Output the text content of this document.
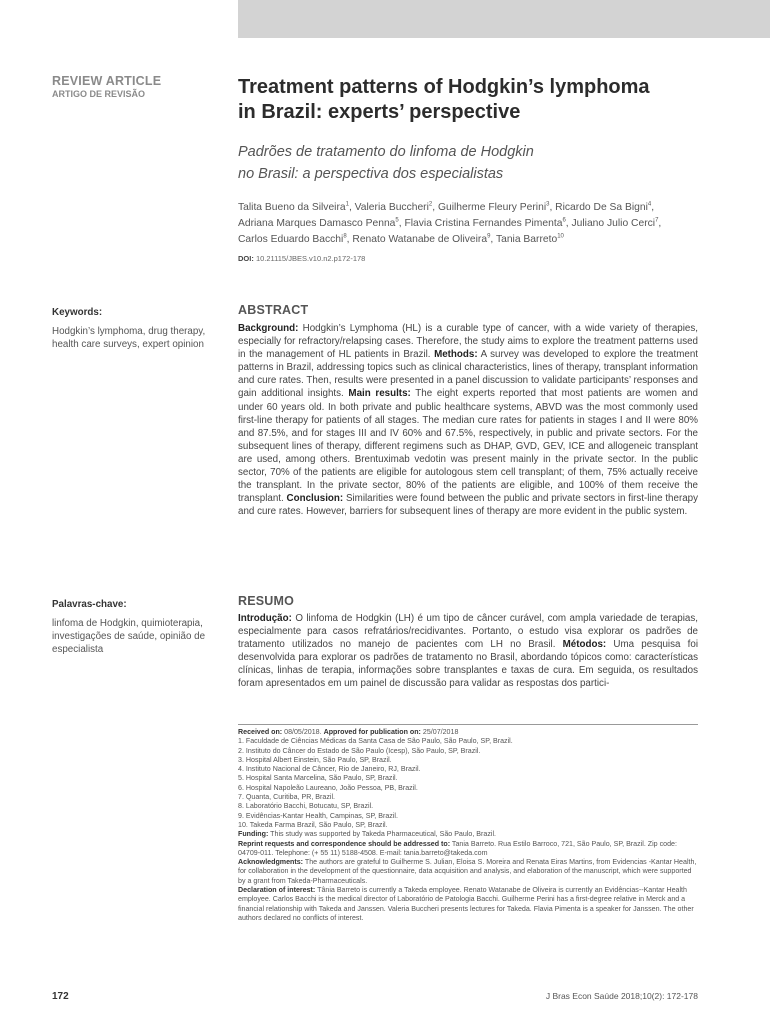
REVIEW ARTICLE
ARTIGO DE REVISÃO	Treatment patterns of Hodgkin’s lymphoma
in Brazil: experts’ perspective
Padrões de tratamento do linfoma de Hodgkin
no Brasil: a perspectiva dos especialistas
Talita Bueno da Silveira$^1$, Valeria Buccheri$^2$, Guilherme Fleury Perini$^3$, Ricardo De Sa Bigni$^4$,
Adriana Marques Damasco Penna$^5$, Flavia Cristina Fernandes Pimenta$^6$, Juliano Julio Cerci$^7$,
Carlos Eduardo Bacchi$^8$, Renato Watanabe de Oliveira$^9$, Tania Barreto$^{10}$
DOI: 10.21115/JBES.v10.n2.p172-178
Keywords:
Hodgkin’s lymphoma, drug therapy, health care surveys, expert opinion
ABSTRACT
Background: Hodgkin’s Lymphoma (HL) is a curable type of cancer, with a wide variety of therapies, especially for refractory/relapsing cases. Therefore, the study aims to explore the treatment patterns used in the management of HL patients in Brazil. Methods: A survey was developed to explore the treatment patterns in Brazil, addressing topics such as clinical characteristics, lines of therapy, transplant information and cure rates. Then, results were presented in a panel discussion to validate participants’ responses and gain additional insights. Main results: The eight experts reported that most patients are women and under 60 years old. In both private and public healthcare systems, ABVD was the most commonly used first-line therapy for patients of all stages. The median cure rates for patients in stages I and II were 80% and 87.5%, and for stages III and IV 60% and 67.5%, respectively, in public and private sectors. For the subsequent lines of therapy, different regimens such as DHAP, GVD, GEV, ICE and allogeneic transplant are used, among others. Brentuximab vedotin was present mainly in the private sector. In the public sector, 70% of the patients are eligible for autologous stem cell transplant; of them, 75% actually receive the transplant. In the private sector, 80% of the patients are eligible, and 100% of them receive the transplant. Conclusion: Similarities were found between the public and private sectors in first-line therapy and cure rates. However, barriers for subsequent lines of therapy are more evident in the public system.
Palavras-chave:
linfoma de Hodgkin, quimioterapia, investigações de saúde, opinião de especialista
RESUMO
Introdução: O linfoma de Hodgkin (LH) é um tipo de câncer curável, com ampla variedade de terapias, especialmente para casos refratários/recidivantes. Portanto, o estudo visa explorar os padrões de tratamento utilizados no manejo de pacientes com LH no Brasil. Métodos: Uma pesquisa foi desenvolvida para explorar os padrões de tratamento no Brasil, abordando tópicos como: características clínicas, linhas de terapia, informações sobre transplantes e taxas de cura. Em seguida, os resultados foram apresentados em um painel de discussão para validar as respostas dos partici-
Received on: 08/05/2018. Approved for publication on: 25/07/2018
1. Faculdade de Ciências Médicas da Santa Casa de São Paulo, São Paulo, SP, Brazil.
2. Instituto do Câncer do Estado de São Paulo (Icesp), São Paulo, SP, Brazil.
3. Hospital Albert Einstein, São Paulo, SP, Brazil.
4. Instituto Nacional de Câncer, Rio de Janeiro, RJ, Brazil.
5. Hospital Santa Marcelina, São Paulo, SP, Brazil.
6. Hospital Napoleão Laureano, João Pessoa, PB, Brazil.
7. Quanta, Curitiba, PR, Brazil.
8. Laboratório Bacchi, Botucatu, SP, Brazil.
9. Evidências-Kantar Health, Campinas, SP, Brazil.
10. Takeda Farma Brazil, São Paulo, SP, Brazil.
Funding: This study was supported by Takeda Pharmaceutical, São Paulo, Brazil.
Reprint requests and correspondence should be addressed to: Tania Barreto. Rua Estilo Barroco, 721, São Paulo, SP, Brazil. Zip code: 04709-011. Telephone: (+ 55 11) 5188-4508. E-mail: tania.barreto@takeda.com
Acknowledgments: The authors are grateful to Guilherme S. Julian, Eloisa S. Moreira and Renata Eiras Martins, from Evidencias -Kantar Health, for collaboration in the development of the questionnaire, data acquisition and analysis, and elaboration of the manuscript, which were supported by a grant from Takeda-Pharmaceuticals.
Declaration of interest: Tânia Barreto is currently a Takeda employee. Renato Watanabe de Oliveira is currently an Evidências--Kantar Health employee. Carlos Bacchi is the medical director of Laboratório de Patologia Bacchi. Guilherme Perini has a first-degree relative in Merck and a financial relationship with Takeda and Janssen. Valeria Buccheri presents lectures for Takeda. Flavia Pimenta is a speaker for Janssen. The other authors declared no conflicts of interest.
172	J Bras Econ Saúde 2018;10(2): 172-178
